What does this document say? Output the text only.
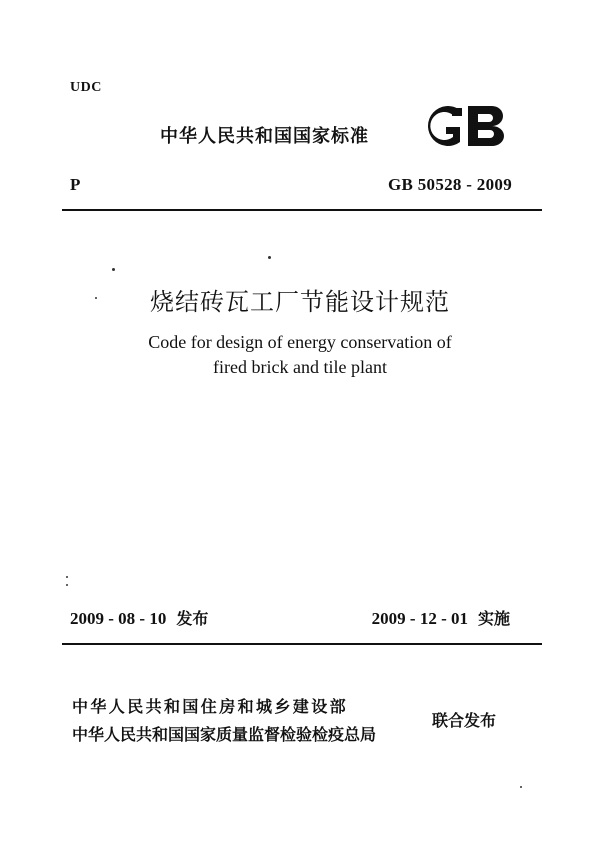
UDC
中华人民共和国国家标准
P	GB 50528 - 2009
烧结砖瓦工厂节能设计规范
Code for design of energy conservation of
fired brick and tile plant
2009 - 08 - 10 发布	2009 - 12 - 01 实施
中华人民共和国住房和城乡建设部
中华人民共和国国家质量监督检验检疫总局
联合发布
